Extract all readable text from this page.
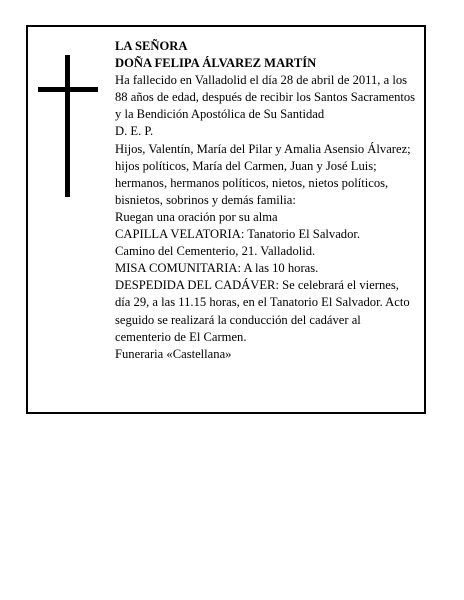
LA SEÑORA

DOÑA FELIPA ÁLVAREZ MARTÍN

Ha fallecido en Valladolid el día 28 de abril de 2011, a los 88 años de edad, después de recibir los Santos Sacramentos y la Bendición Apostólica de Su Santidad

D. E. P.

Hijos, Valentín, María del Pilar y Amalia Asensio Álvarez; hijos políticos, María del Carmen, Juan y José Luis; hermanos, hermanos políticos, nietos, nietos políticos, bisnietos, sobrinos y demás familia:

Ruegan una oración por su alma

CAPILLA VELATORIA: Tanatorio El Salvador.

Camino del Cementerio, 21. Valladolid.

MISA COMUNITARIA: A las 10 horas.

DESPEDIDA DEL CADÁVER: Se celebrará el viernes, día 29, a las 11.15 horas, en el Tanatorio El Salvador. Acto seguido se realizará la conducción del cadáver al cementerio de El Carmen.

Funeraria «Castellana»
